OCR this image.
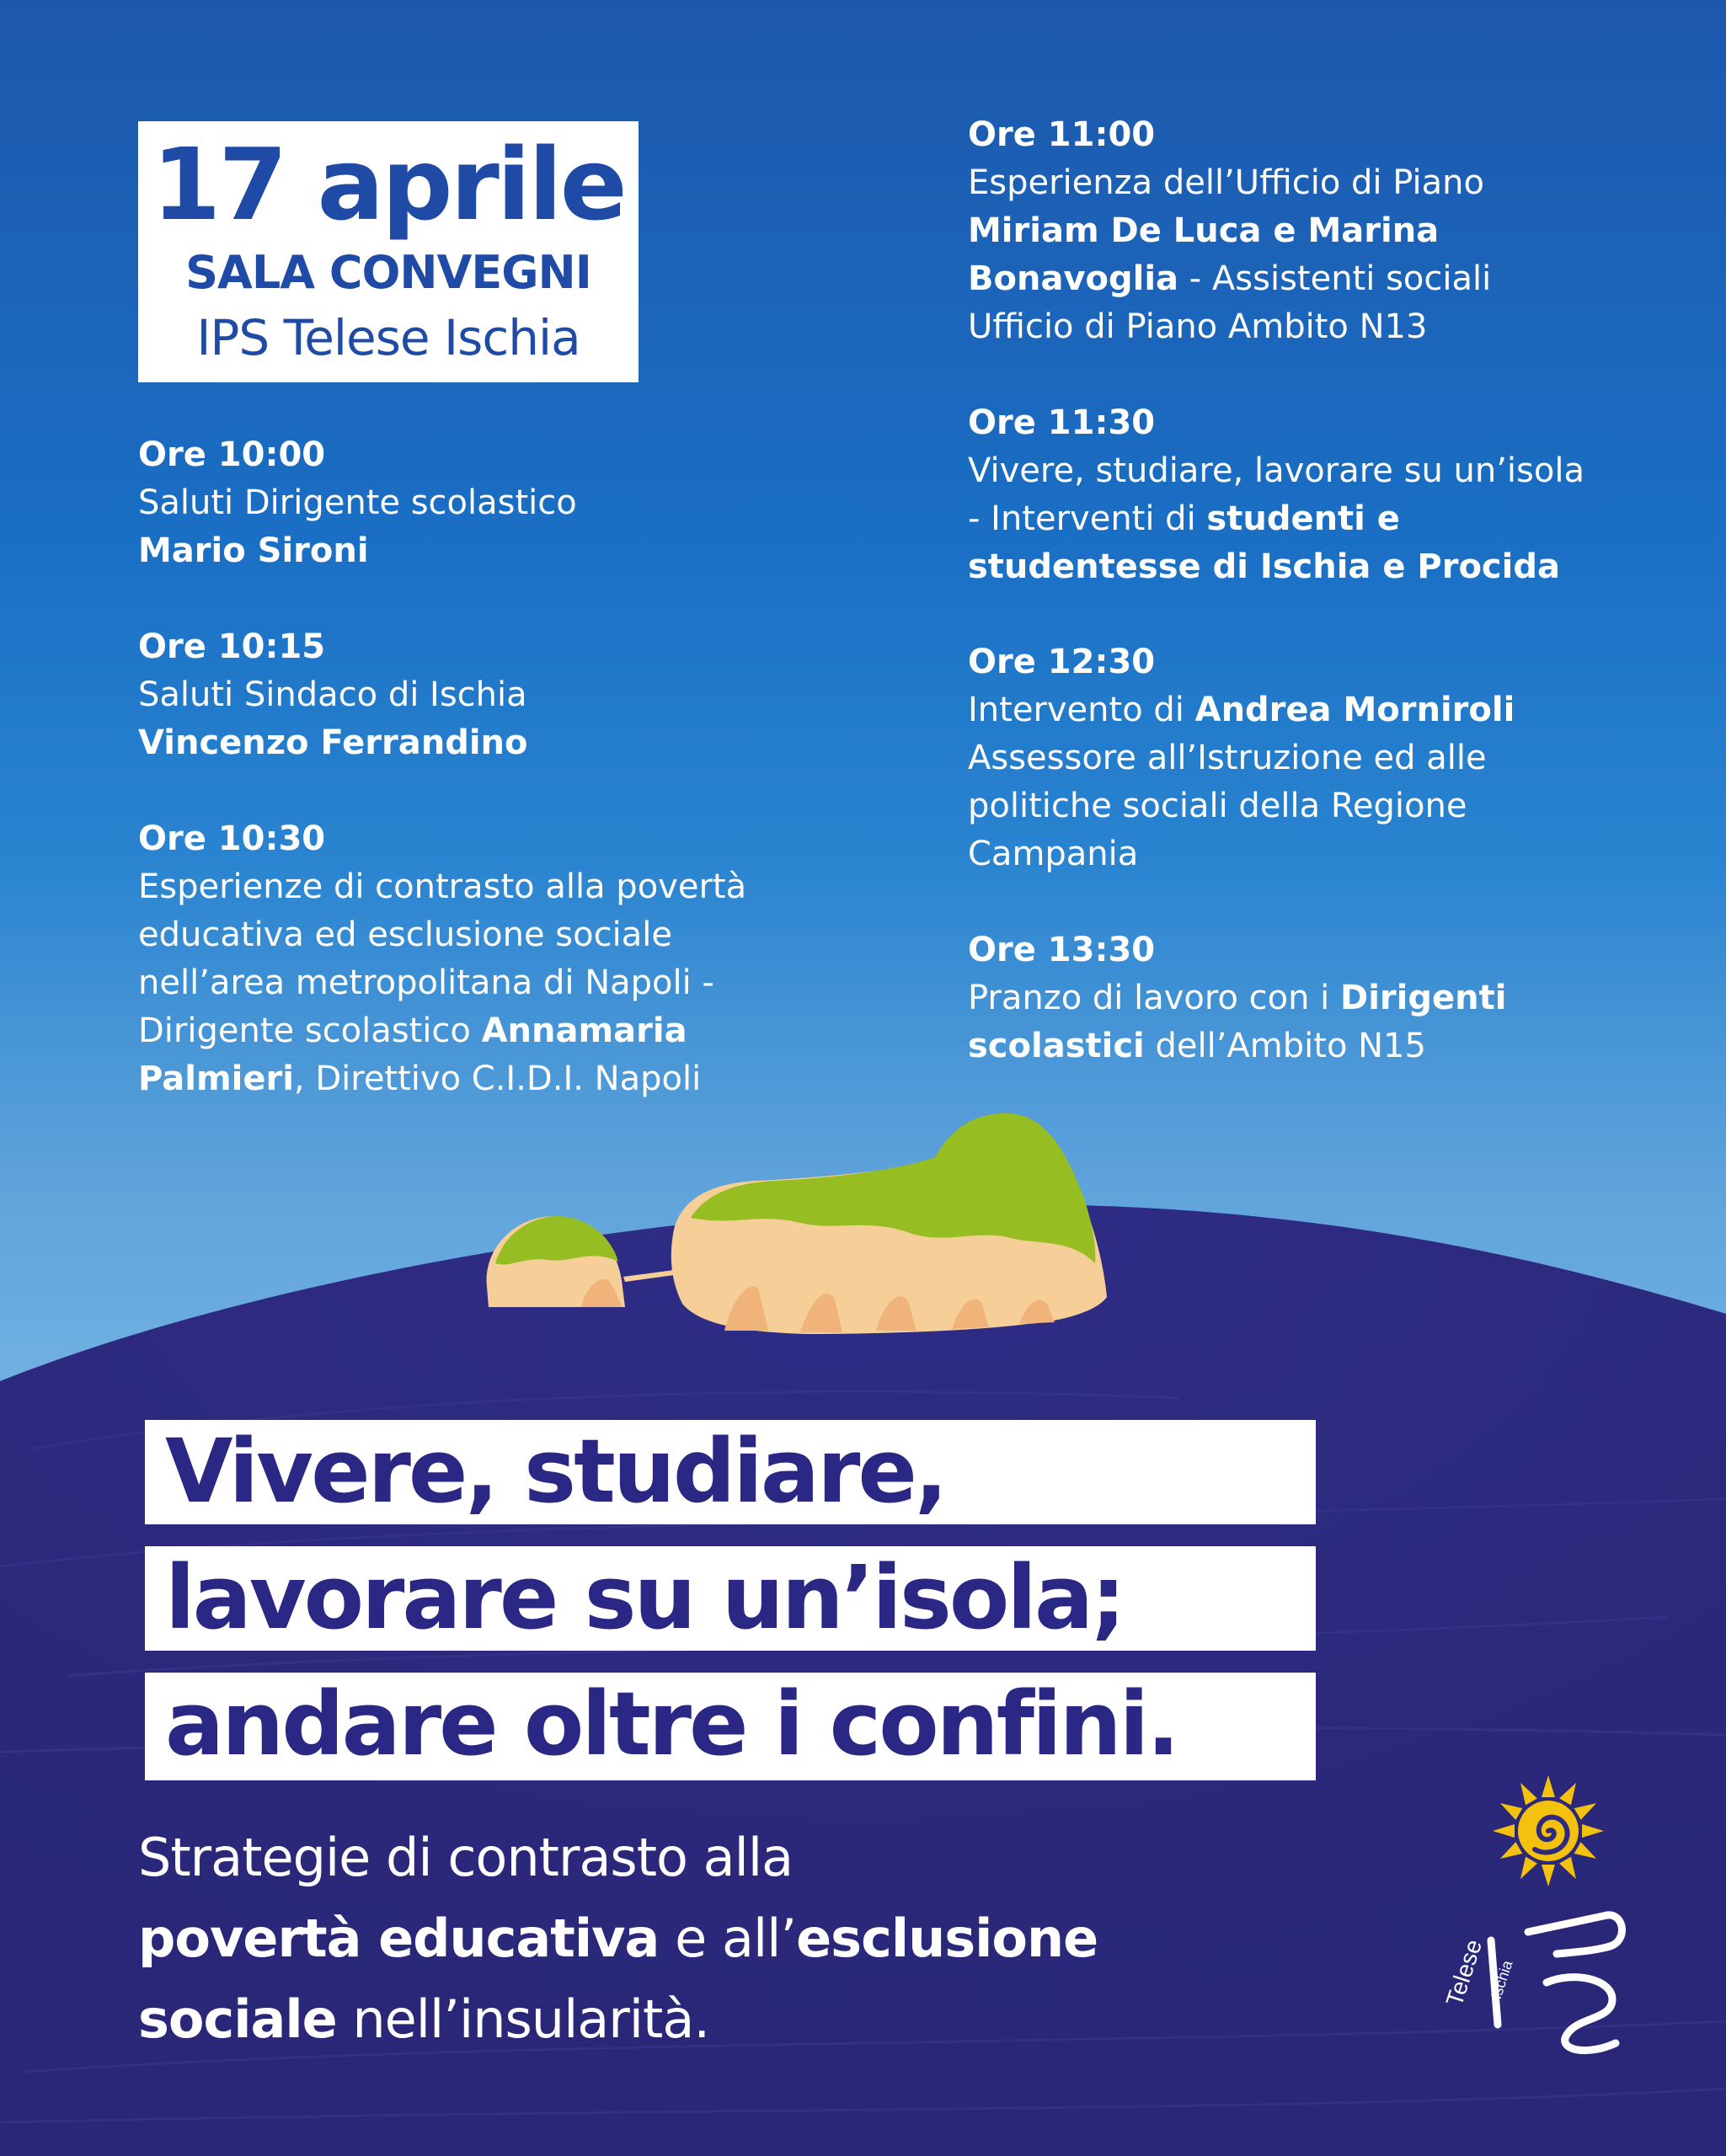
17 aprile
SALA CONVEGNI
IPS Telese Ischia
Ore 10:00
Saluti Dirigente scolastico
Mario Sironi
Ore 10:15
Saluti Sindaco di Ischia
Vincenzo Ferrandino
Ore 10:30
Esperienze di contrasto alla povertà
educativa ed esclusione sociale
nell’area metropolitana di Napoli -
Dirigente scolastico Annamaria
Palmieri, Direttivo C.I.D.I. Napoli
Ore 11:00
Esperienza dell’Ufficio di Piano
Miriam De Luca e Marina
Bonavoglia - Assistenti sociali
Ufficio di Piano Ambito N13
Ore 11:30
Vivere, studiare, lavorare su un’isola
- Interventi di studenti e
studentesse di Ischia e Procida
Ore 12:30
Intervento di Andrea Morniroli
Assessore all’Istruzione ed alle
politiche sociali della Regione
Campania
Ore 13:30
Pranzo di lavoro con i Dirigenti
scolastici dell’Ambito N15
Vivere, studiare,
lavorare su un’isola;
andare oltre i confini.
Strategie di contrasto alla
povertà educativa e all’esclusione
sociale nell’insularità.
Telese Ischia
